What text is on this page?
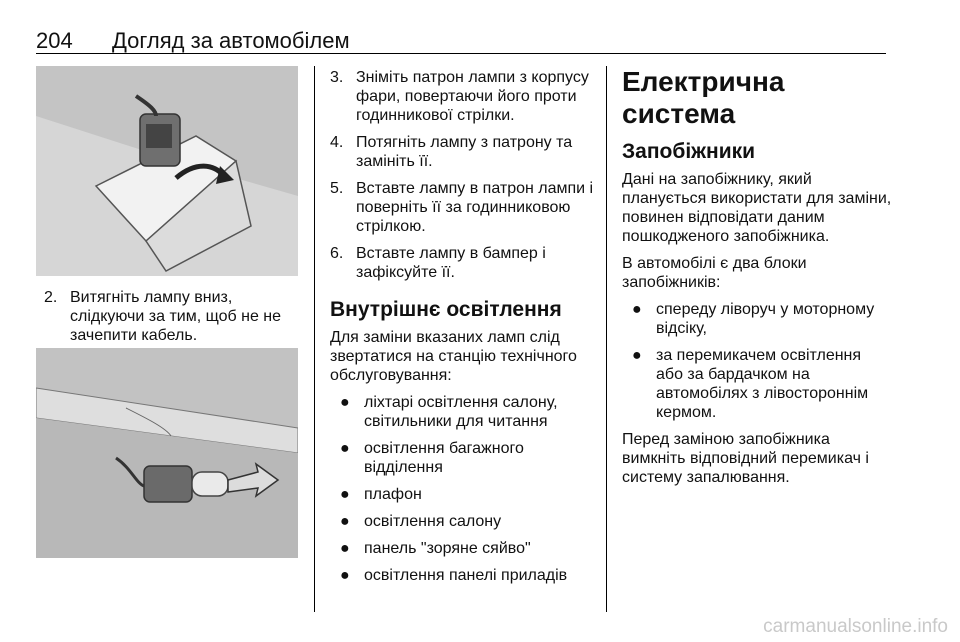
204 Догляд за автомобілем
2. Витягніть лампу вниз, слідкуючи за тим, щоб не не зачепити кабель.
3. Зніміть патрон лампи з корпусу фари, повертаючи його проти годинникової стрілки.
4. Потягніть лампу з патрону та замініть її.
5. Вставте лампу в патрон лампи і поверніть її за годинниковою стрілкою.
6. Вставте лампу в бампер і зафіксуйте її.
Внутрішнє освітлення

Для заміни вказаних ламп слід звертатися на станцію технічного обслуговування:

● ліхтарі освітлення салону, світильники для читання
● освітлення багажного відділення
● плафон
● освітлення салону
● панель "зоряне сяйво"
● освітлення панелі приладів
Електрична система
Запобіжники

Дані на запобіжнику, який планується використати для заміни, повинен відповідати даним пошкодженого запобіжника.

В автомобілі є два блоки запобіжників:

● спереду ліворуч у моторному відсіку,
● за перемикачем освітлення або за бардачком на автомобілях з лівостороннім кермом.

Перед заміною запобіжника вимкніть відповідний перемикач і систему запалювання.

carmanualsonline.info
